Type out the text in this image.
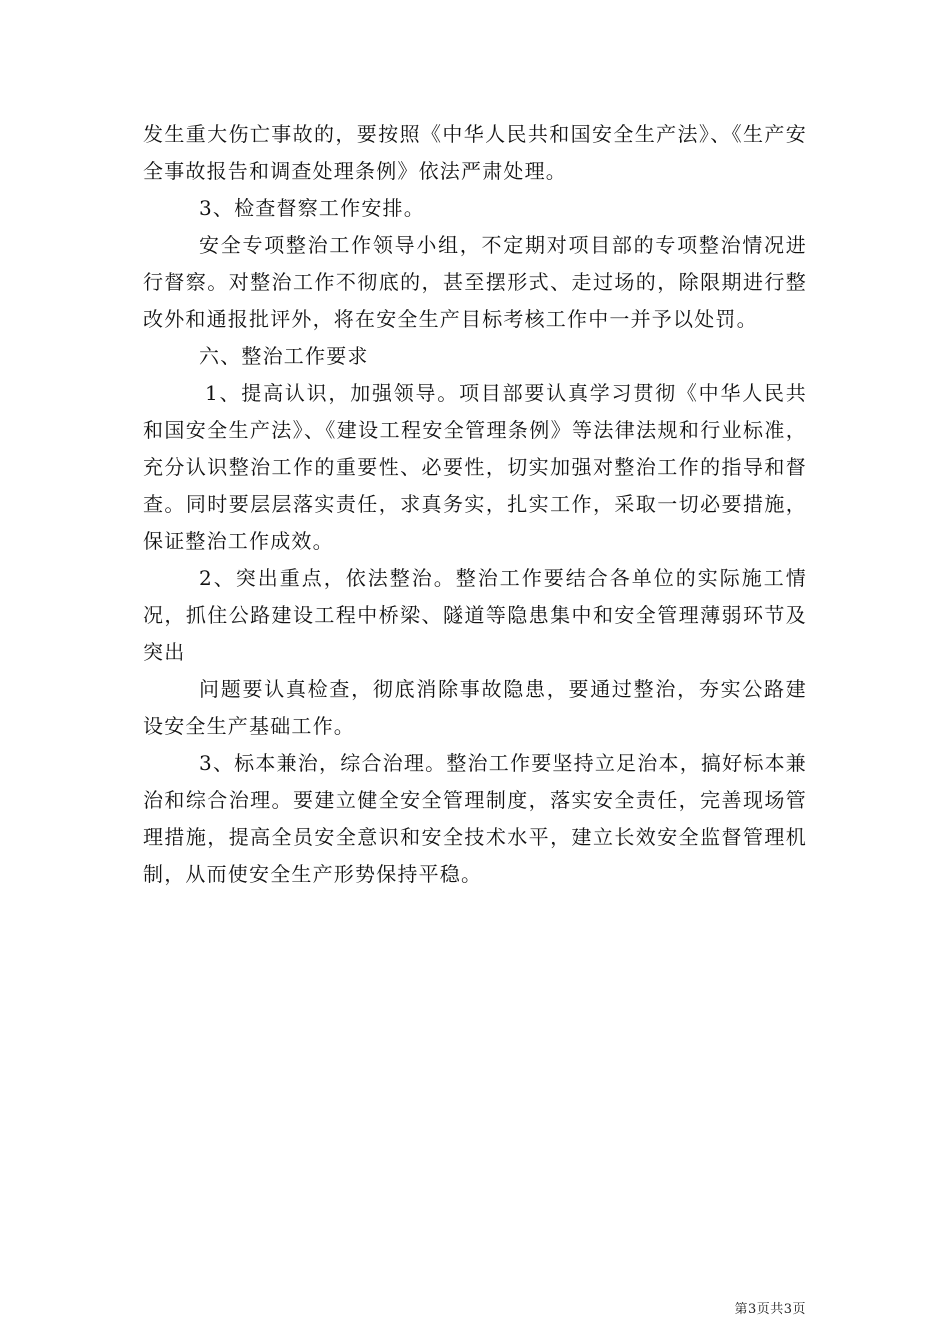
发生重大伤亡事故的，要按照《中华人民共和国安全生产法》、《生产安全事故报告和调查处理条例》依法严肃处理。

3、检查督察工作安排。

安全专项整治工作领导小组，不定期对项目部的专项整治情况进行督察。对整治工作不彻底的，甚至摆形式、走过场的，除限期进行整改外和通报批评外，将在安全生产目标考核工作中一并予以处罚。

六、整治工作要求

1、提高认识，加强领导。项目部要认真学习贯彻《中华人民共和国安全生产法》、《建设工程安全管理条例》等法律法规和行业标准，充分认识整治工作的重要性、必要性，切实加强对整治工作的指导和督查。同时要层层落实责任，求真务实，扎实工作，采取一切必要措施，保证整治工作成效。

2、突出重点，依法整治。整治工作要结合各单位的实际施工情况，抓住公路建设工程中桥梁、隧道等隐患集中和安全管理薄弱环节及突出

问题要认真检查，彻底消除事故隐患，要通过整治，夯实公路建设安全生产基础工作。

3、标本兼治，综合治理。整治工作要坚持立足治本，搞好标本兼治和综合治理。要建立健全安全管理制度，落实安全责任，完善现场管理措施，提高全员安全意识和安全技术水平，建立长效安全监督管理机制，从而使安全生产形势保持平稳。

第3页共3页
